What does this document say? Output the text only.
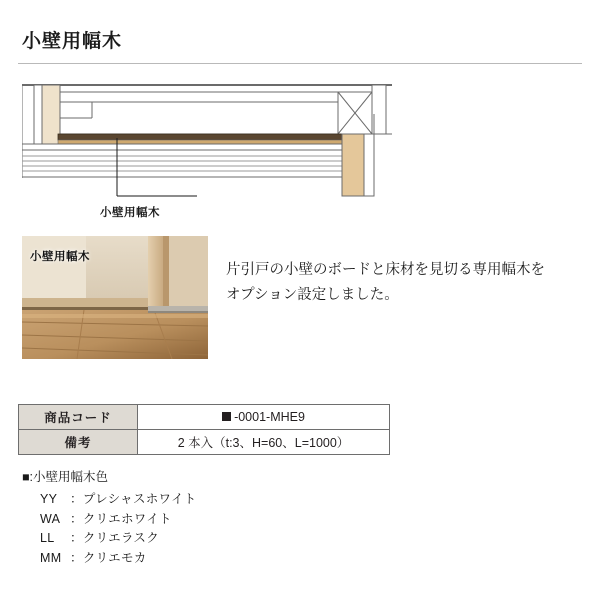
小壁用幅木
小壁用幅木
小壁用幅木
片引戸の小壁のボードと床材を見切る専用幅木を
オプション設定しました。
商品コード	-0001-MHE9
備考	2 本入（t:3、H=60、L=1000）
■:小壁用幅木色
YY ：プレシャスホワイト
WA ：クリエホワイト
LL ：クリエラスク
MM ：クリエモカ
